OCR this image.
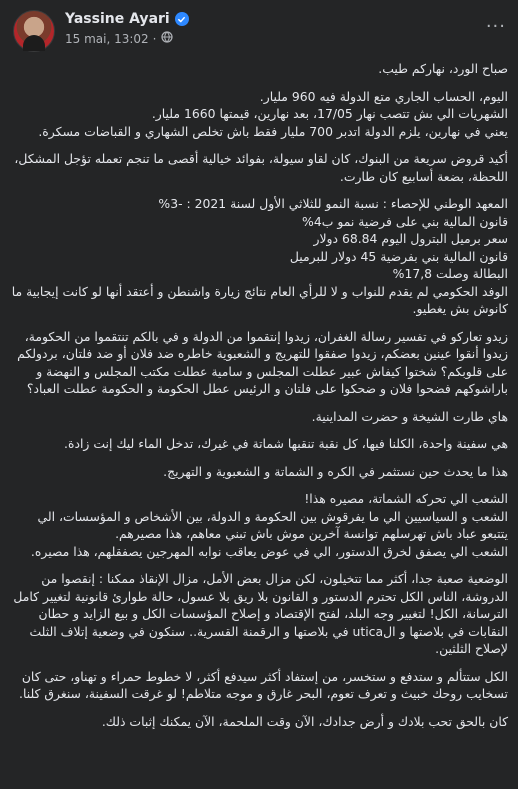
Yassine Ayari
15 mai, 13:02 ·
···

صباح الورد، نهاركم طيب.

اليوم، الحساب الجاري متع الدولة فيه 960 مليار.
الشهريات الي بش تتصب نهار 17/05، بعد نهارين، قيمتها 1660 مليار.
يعني في نهارين، يلزم الدولة اتدبر 700 مليار فقط باش تخلص الشهاري و القباضات مسكرة.

أكيد قروض سريعة من البنوك، كان لقاو سيولة، بفوائد خيالية أقصى ما تنجم تعمله تؤجل المشكل،
اللحظة، بضعة أسابيع كان طارت.

المعهد الوطني للإحصاء : نسبة النمو للثلاثي الأول لسنة 2021 : -3%
قانون المالية بني على فرضية نمو ب4%
سعر برميل البترول اليوم 68.84 دولار
قانون المالية بني بفرضية 45 دولار للبرميل
البطالة وصلت 17,8%
الوفد الحكومي لم يقدم للنواب و لا للرأي العام نتائج زيارة واشنطن و أعتقد أنها لو كانت إيجابية ما كانوش بش يغطيو.

زيدو تعاركو في تفسير رسالة الغفران، زيدوا إنتقموا من الدولة و في بالكم تنتقموا من الحكومة، زيدوا أنقوا عينين بعضكم، زيدوا صفقوا للتهريج و الشعبوية خاطره ضد فلان أو ضد فلتان، بردولكم على قلوبكم؟ شختوا كيفاش عبير عطلت المجلس و سامية عطلت مكتب المجلس و النهضة و باراشوكهم فضحوا فلان و ضحكوا على فلتان و الرئيس عطل الحكومة و الحكومة عطلت العباد؟

هاي طارت الشيخة و حضرت المداينية.

هي سفينة واحدة، الكلنا فيها، كل نقبة تنقبها شماتة في غيرك، تدخل الماء ليك إنت زادة.

هذا ما يحدث حين نستثمر في الكره و الشماتة و الشعبوية و التهريج.

الشعب الي تحركه الشماتة، مصيره هذا!
الشعب و السياسيين الي ما يفرقوش بين الحكومة و الدولة، بين الأشخاص و المؤسسات، الي يتتبعو عباد باش تهرسلهم توانسة آخرين موش باش تبني معاهم، هذا مصيرهم.
الشعب الي يصفق لخرق الدستور، الي في عوض يعاقب نوابه المهرجين يصفقلهم، هذا مصيره.

الوضعية صعبة جدا، أكثر مما تتخيلون، لكن مزال بعض الأمل، مزال الإنقاذ ممكنا : إنقصوا من الدروشة، الناس الكل تحترم الدستور و القانون بلا ريق بلا عسول، حالة طوارئ قانونية لتغيير كامل الترسانة، الكل! لتغيير وجه البلد، لفتح الإقتصاد و إصلاح المؤسسات الكل و بيع الزايد و حطان النقابات في بلاصتها و الutica في بلاصتها و الرقمنة القسرية.. سنكون في وضعية إتلاف الثلث لإصلاح الثلثين.

الكل ستتألم و ستدفع و ستخسر، من إستفاد أكثر سيدفع أكثر، لا خطوط حمراء و تهناو، حتى كان تسخايب روحك خبيث و تعرف تعوم، البحر غارق و موجه متلاطم! لو غرقت السفينة، سنغرق كلنا.

كان بالحق تحب بلادك و أرض جدادك، الآن وقت الملحمة، الآن يمكنك إثبات ذلك.
